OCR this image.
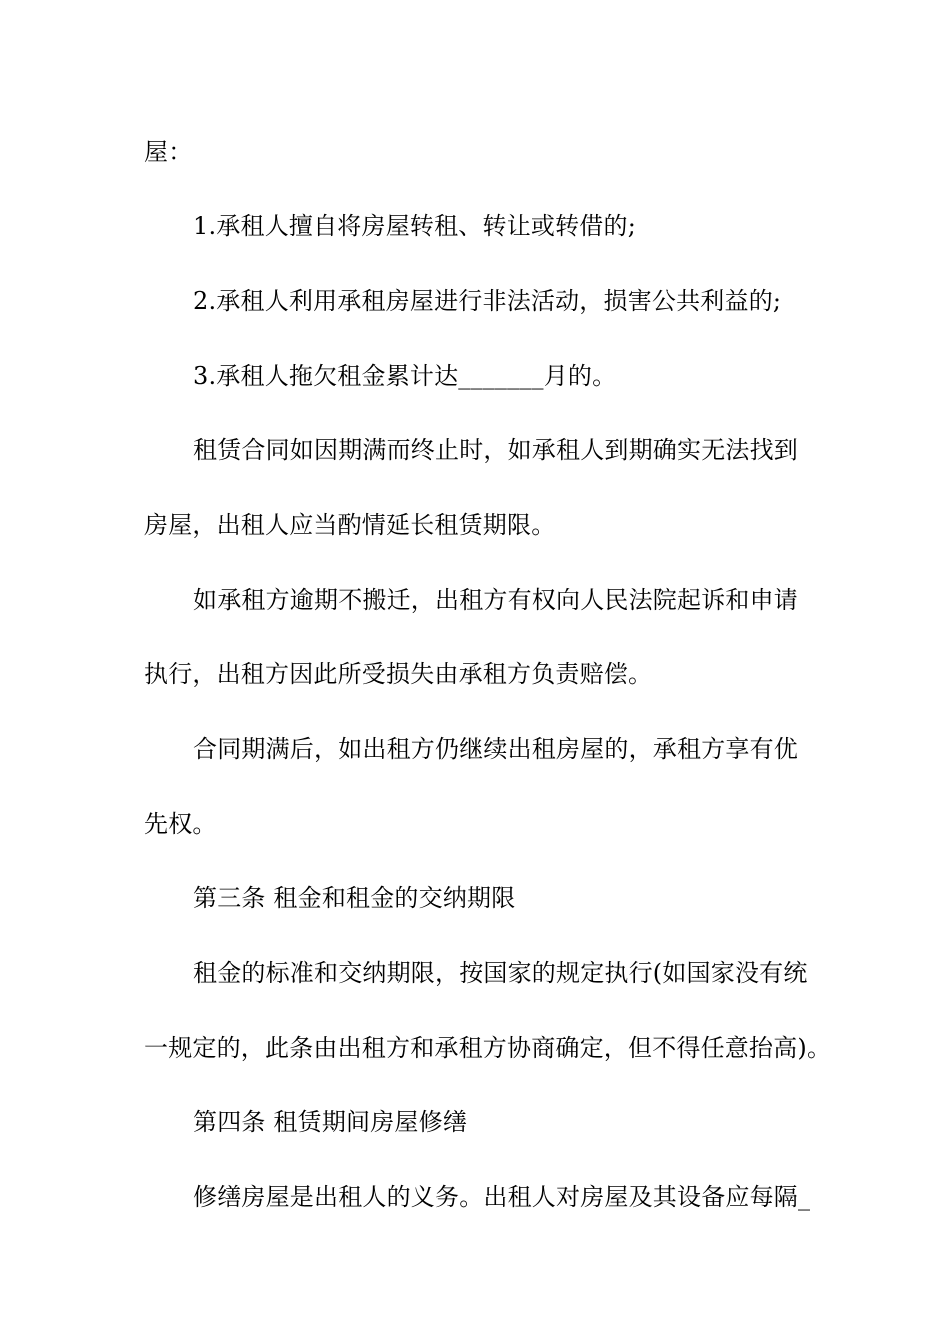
屋：
1.承租人擅自将房屋转租、转让或转借的;
2.承租人利用承租房屋进行非法活动，损害公共利益的;
3.承租人拖欠租金累计达_______月的。
租赁合同如因期满而终止时，如承租人到期确实无法找到
房屋，出租人应当酌情延长租赁期限。
如承租方逾期不搬迁，出租方有权向人民法院起诉和申请
执行，出租方因此所受损失由承租方负责赔偿。
合同期满后，如出租方仍继续出租房屋的，承租方享有优
先权。
第三条 租金和租金的交纳期限
租金的标准和交纳期限，按国家的规定执行(如国家没有统
一规定的，此条由出租方和承租方协商确定，但不得任意抬高)。
第四条 租赁期间房屋修缮
修缮房屋是出租人的义务。出租人对房屋及其设备应每隔_
